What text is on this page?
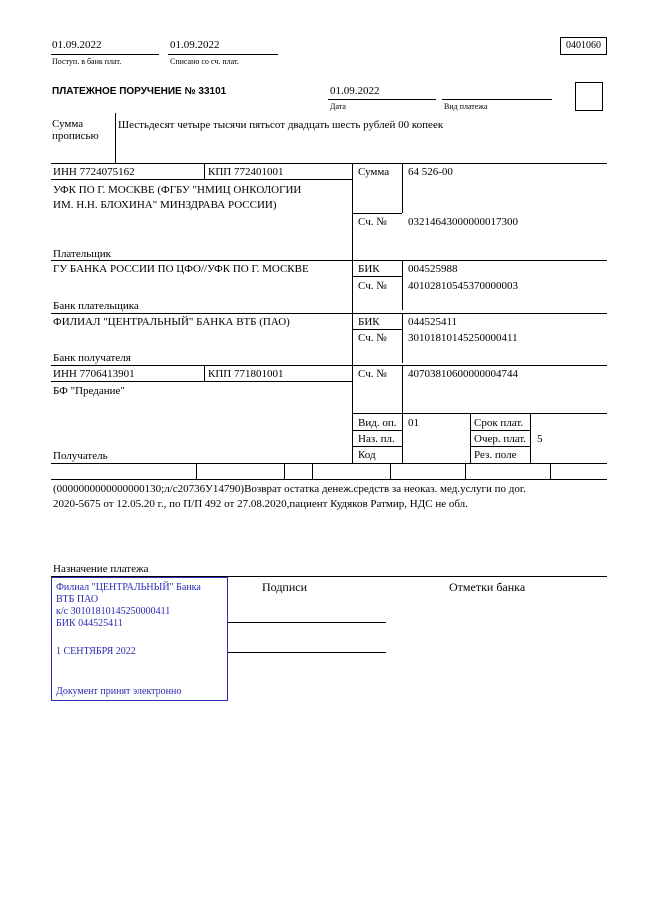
01.09.2022
Поступ. в банк плат.
01.09.2022
Списано со сч. плат.
0401060
ПЛАТЕЖНОЕ ПОРУЧЕНИЕ № 33101	01.09.2022
Дата	Вид платежа
Сумма
прописью
Шестьдесят четыре тысячи пятьсот двадцать шесть рублей 00 копеек
ИНН 7724075162	КПП 772401001
УФК ПО Г. МОСКВЕ (ФГБУ "НМИЦ ОНКОЛОГИИ
ИМ. Н.Н. БЛОХИНА" МИНЗДРАВА РОССИИ)
Плательщик
ГУ БАНКА РОССИИ ПО ЦФО//УФК ПО Г. МОСКВЕ
Банк плательщика
ФИЛИАЛ "ЦЕНТРАЛЬНЫЙ" БАНКА ВТБ (ПАО)
Банк получателя
ИНН 7706413901	КПП 771801001
БФ "Предание"
Получатель
Сумма 64 526-00
Сч. № 03214643000000017300
БИК	004525988
Сч. № 40102810545370000003
БИК	044525411
Сч. № 30101810145250000411
Сч. № 40703810600000004744
Вид. оп. 01
Наз. пл.
Код
Срок плат.
Очер. плат. 5
Рез. поле
(0000000000000000130;л/с20736У14790)Возврат остатка денеж.средств за неоказ. мед.услуги по дог.
2020-5675 от 12.05.20 г., по П/П 492 от 27.08.2020,пациент Кудяков Ратмир, НДС не обл.
Назначение платежа
Подписи	Отметки банка
Филиал "ЦЕНТРАЛЬНЫЙ" Банка
ВТБ ПАО
к/с 30101810145250000411
БИК 044525411
1 СЕНТЯБРЯ 2022
Документ принят электронно
